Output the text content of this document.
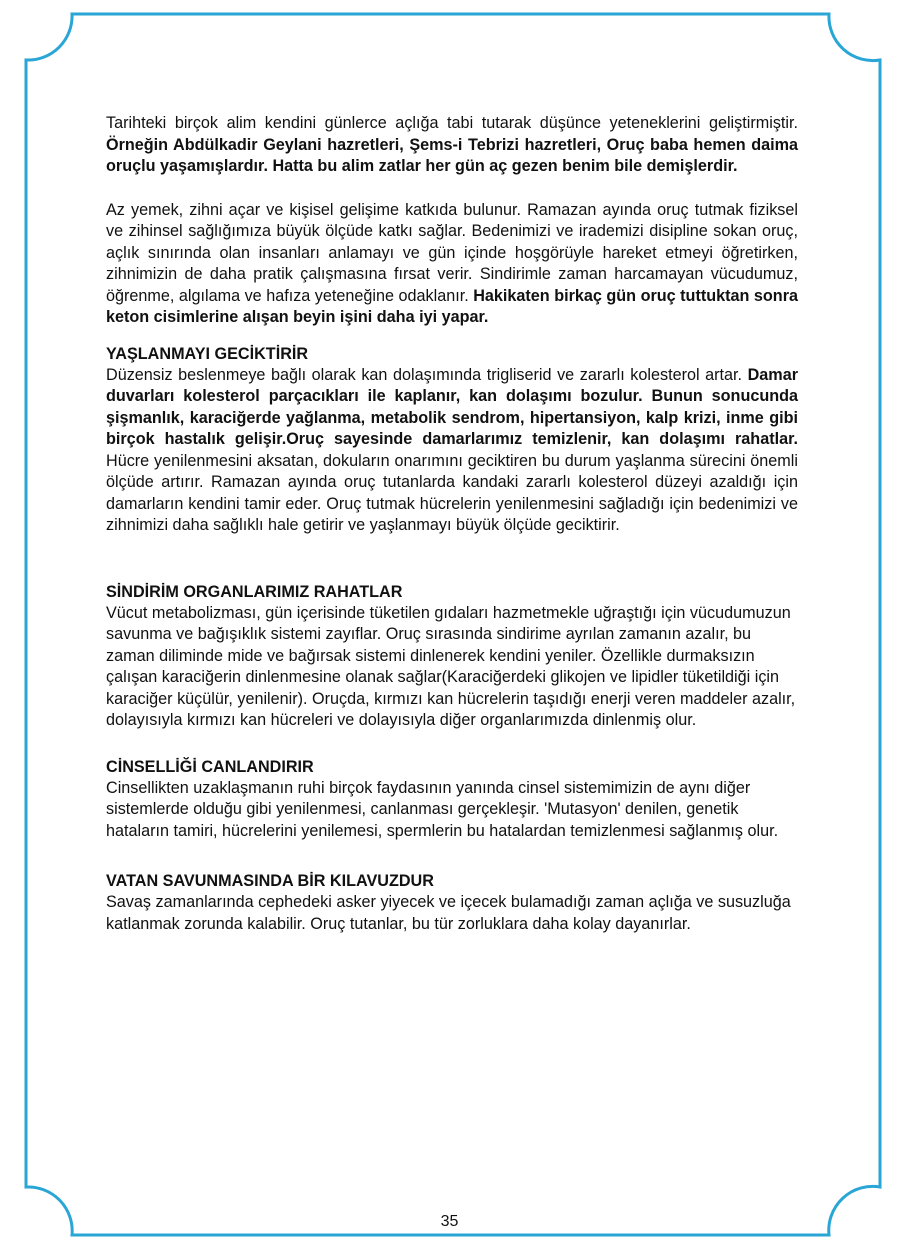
Tarihteki birçok alim kendini günlerce açlığa tabi tutarak düşünce yeteneklerini geliştirmiştir. Örneğin Abdülkadir Geylani hazretleri, Şems-i Tebrizi hazretleri, Oruç baba hemen daima oruçlu yaşamışlardır. Hatta bu alim zatlar her gün aç gezen benim bile demişlerdir.

Az yemek, zihni açar ve kişisel gelişime katkıda bulunur. Ramazan ayında oruç tutmak fiziksel ve zihinsel sağlığımıza büyük ölçüde katkı sağlar. Bedenimizi ve irademizi disipline sokan oruç, açlık sınırında olan insanları anlamayı ve gün içinde hoşgörüyle hareket etmeyi öğretirken, zihnimizin de daha pratik çalışmasına fırsat verir. Sindirimle zaman harcamayan vücudumuz, öğrenme, algılama ve hafıza yeteneğine odaklanır. Hakikaten birkaç gün oruç tuttuktan sonra keton cisimlerine alışan beyin işini daha iyi yapar.

YAŞLANMAYI GECİKTİRİR

Düzensiz beslenmeye bağlı olarak kan dolaşımında trigliserid ve zararlı kolesterol artar. Damar duvarları kolesterol parçacıkları ile kaplanır, kan dolaşımı bozulur. Bunun sonucunda şişmanlık, karaciğerde yağlanma, metabolik sendrom, hipertansiyon, kalp krizi, inme gibi birçok hastalık gelişir.Oruç sayesinde damarlarımız temizlenir, kan dolaşımı rahatlar. Hücre yenilenmesini aksatan, dokuların onarımını geciktiren bu durum yaşlanma sürecini önemli ölçüde artırır. Ramazan ayında oruç tutanlarda kandaki zararlı kolesterol düzeyi azaldığı için damarların kendini tamir eder. Oruç tutmak hücrelerin yenilenmesini sağladığı için bedenimizi ve zihnimizi daha sağlıklı hale getirir ve yaşlanmayı büyük ölçüde geciktirir.

SİNDİRİM ORGANLARIMIZ RAHATLAR

Vücut metabolizması, gün içerisinde tüketilen gıdaları hazmetmekle uğraştığı için vücudumuzun savunma ve bağışıklık sistemi zayıflar. Oruç sırasında sindirime ayrılan zamanın azalır, bu zaman diliminde mide ve bağırsak sistemi dinlenerek kendini yeniler. Özellikle durmaksızın çalışan karaciğerin dinlenmesine olanak sağlar(Karaciğerdeki glikojen ve lipidler tüketildiği için karaciğer küçülür, yenilenir). Oruçda, kırmızı kan hücrelerin taşıdığı enerji veren maddeler azalır, dolayısıyla kırmızı kan hücreleri ve dolayısıyla diğer organlarımızda dinlenmiş olur.

CİNSELLİĞİ CANLANDIRIR

Cinsellikten uzaklaşmanın ruhi birçok faydasının yanında cinsel sistemimizin de aynı diğer sistemlerde olduğu gibi yenilenmesi, canlanması gerçekleşir. 'Mutasyon' denilen, genetik hataların tamiri, hücrelerini yenilemesi, spermlerin bu hatalardan temizlenmesi sağlanmış olur.

VATAN SAVUNMASINDA BİR KILAVUZDUR

Savaş zamanlarında cephedeki asker yiyecek ve içecek bulamadığı zaman açlığa ve susuzluğa katlanmak zorunda kalabilir. Oruç tutanlar, bu tür zorluklara daha kolay dayanırlar.

35
